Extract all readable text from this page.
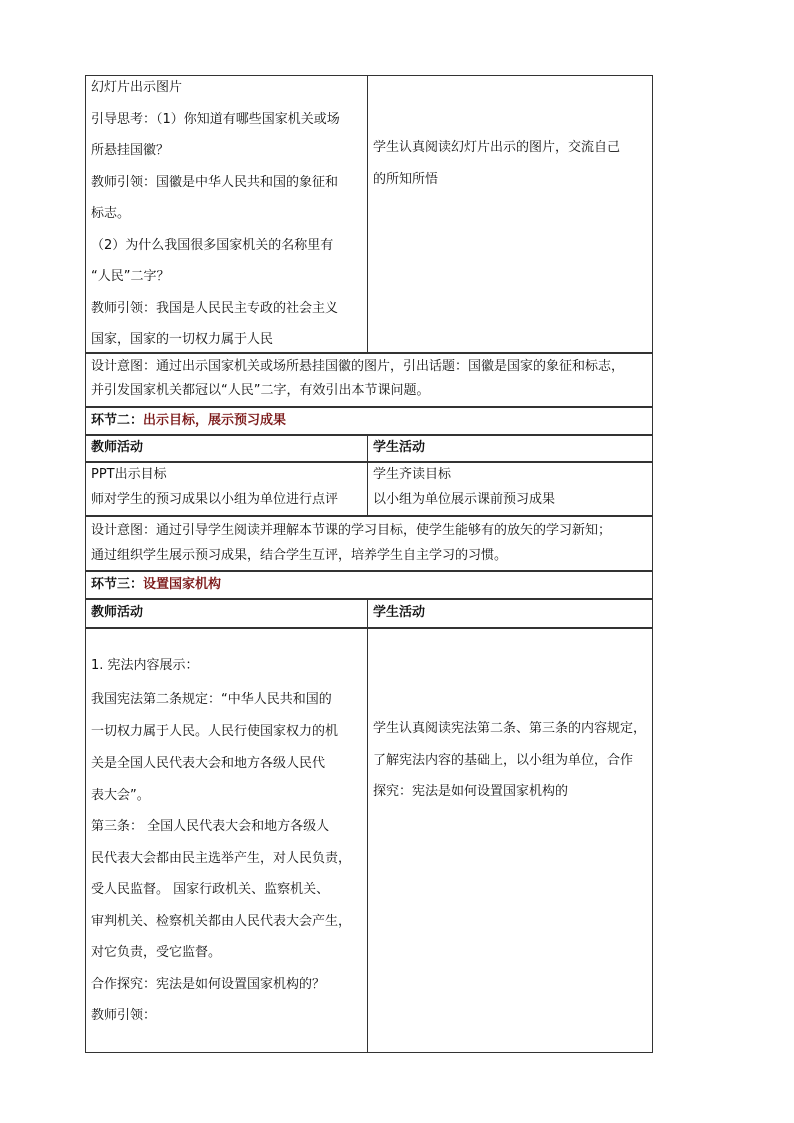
幻灯片出示图片
引导思考：（1）你知道有哪些国家机关或场
所悬挂国徽？
教师引领：国徽是中华人民共和国的象征和
标志。
（2）为什么我国很多国家机关的名称里有
“人民”二字？
教师引领：我国是人民民主专政的社会主义
国家，国家的一切权力属于人民
学生认真阅读幻灯片出示的图片，交流自己
的所知所悟
设计意图：通过出示国家机关或场所悬挂国徽的图片，引出话题：国徽是国家的象征和标志，
并引发国家机关都冠以“人民”二字，有效引出本节课问题。
环节二：出示目标，展示预习成果
教师活动	学生活动
PPT出示目标
师对学生的预习成果以小组为单位进行点评
学生齐读目标
以小组为单位展示课前预习成果
设计意图：通过引导学生阅读并理解本节课的学习目标，使学生能够有的放矢的学习新知；
通过组织学生展示预习成果，结合学生互评，培养学生自主学习的习惯。
环节三：设置国家机构
教师活动	学生活动
1. 宪法内容展示：
我国宪法第二条规定：“中华人民共和国的
一切权力属于人民。人民行使国家权力的机
关是全国人民代表大会和地方各级人民代
表大会”。
第三条： 全国人民代表大会和地方各级人
民代表大会都由民主选举产生，对人民负责，
受人民监督。 国家行政机关、监察机关、
审判机关、检察机关都由人民代表大会产生，
对它负责，受它监督。
合作探究：宪法是如何设置国家机构的？
教师引领：
学生认真阅读宪法第二条、第三条的内容规定，
了解宪法内容的基础上，以小组为单位，合作
探究：宪法是如何设置国家机构的
